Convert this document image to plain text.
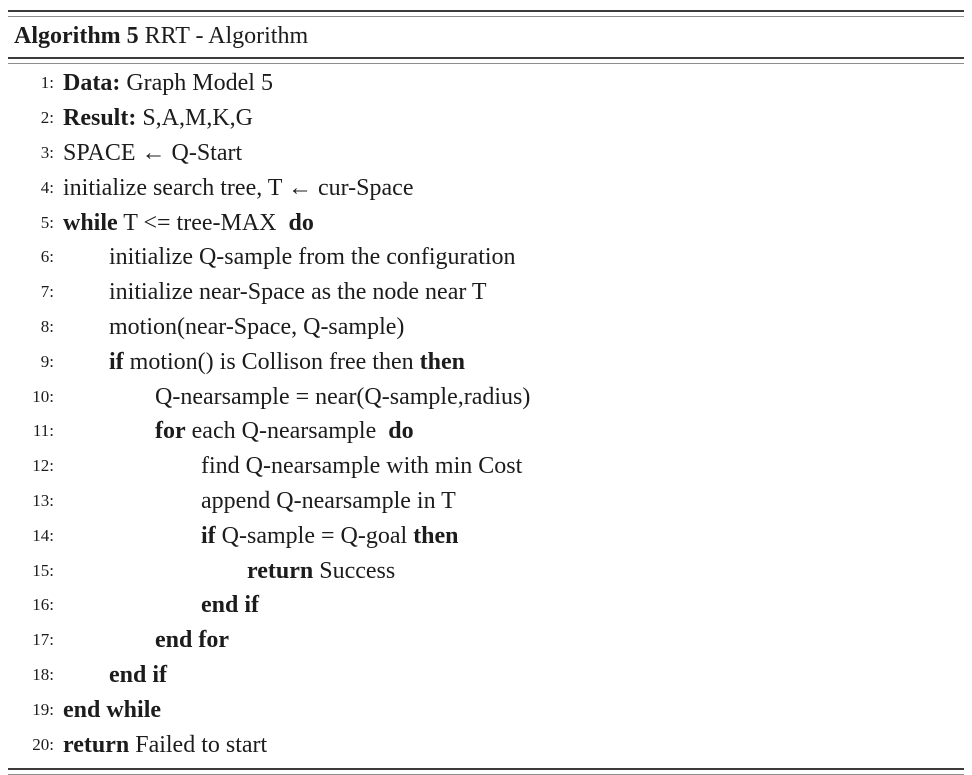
Algorithm 5 RRT - Algorithm
1: Data: Graph Model 5
2: Result: S,A,M,K,G
3: SPACE ← Q-Start
4: initialize search tree, T ← cur-Space
5: while T <= tree-MAX  do
6:	initialize Q-sample from the configuration
7:	initialize near-Space as the node near T
8:	motion(near-Space, Q-sample)
9:	if motion() is Collison free then then
10:	Q-nearsample = near(Q-sample,radius)
11:	for each Q-nearsample  do
12:	find Q-nearsample with min Cost
13:	append Q-nearsample in T
14:	if Q-sample = Q-goal then
15:	return Success
16:	end if
17:	end for
18:	end if
19: end while
20: return Failed to start
